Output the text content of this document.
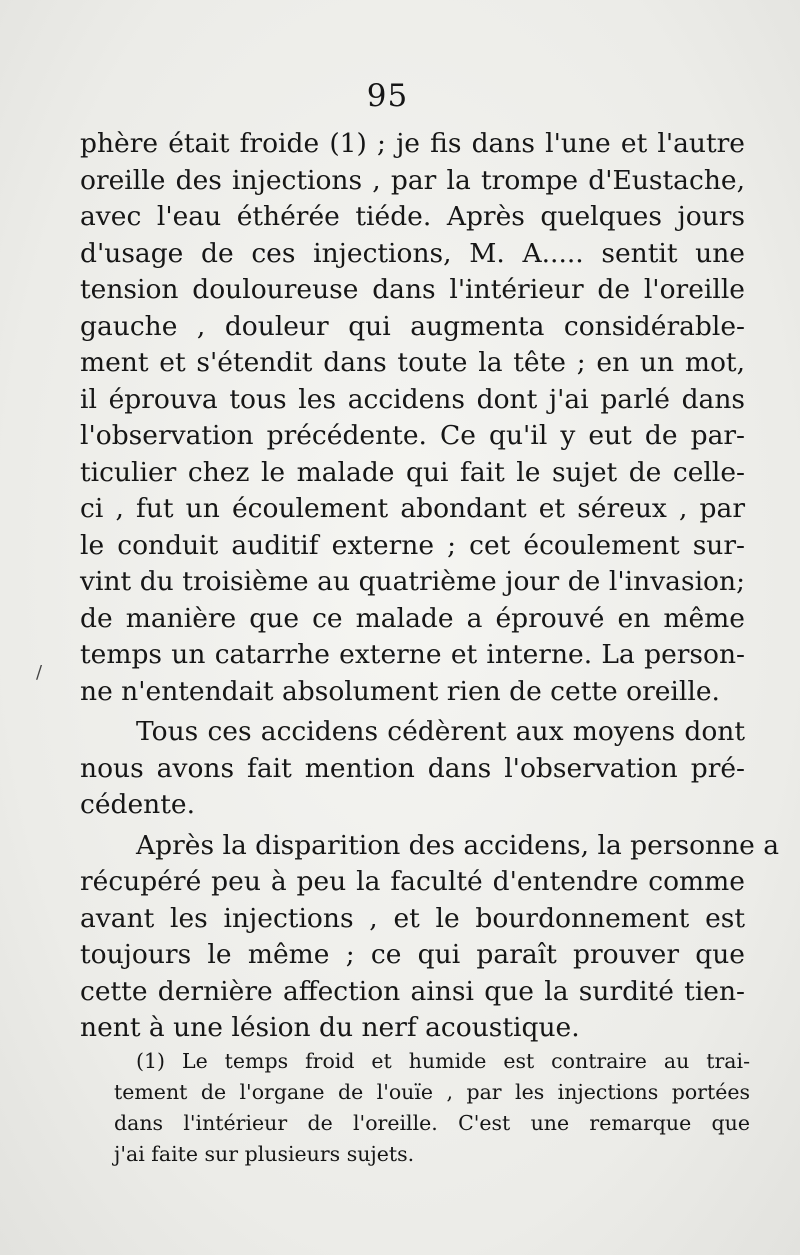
95
/
phère était froide (1) ; je fis dans l'une et l'autre
oreille des injections , par la trompe d'Eustache,
avec l'eau éthérée tiéde. Après quelques jours
d'usage de ces injections, M. A..... sentit une
tension douloureuse dans l'intérieur de l'oreille
gauche , douleur qui augmenta considérable-
ment et s'étendit dans toute la tête ; en un mot,
il éprouva tous les accidens dont j'ai parlé dans
l'observation précédente. Ce qu'il y eut de par-
ticulier chez le malade qui fait le sujet de celle-
ci , fut un écoulement abondant et séreux , par
le conduit auditif externe ; cet écoulement sur-
vint du troisième au quatrième jour de l'invasion;
de manière que ce malade a éprouvé en même
temps un catarrhe externe et interne. La person-
ne n'entendait absolument rien de cette oreille.
Tous ces accidens cédèrent aux moyens dont
nous avons fait mention dans l'observation pré-
cédente.
Après la disparition des accidens, la personne a
récupéré peu à peu la faculté d'entendre comme
avant les injections , et le bourdonnement est
toujours le même ; ce qui paraît prouver que
cette dernière affection ainsi que la surdité tien-
nent à une lésion du nerf acoustique.
(1) Le temps froid et humide est contraire au trai-
tement de l'organe de l'ouïe , par les injections portées
dans l'intérieur de l'oreille. C'est une remarque que
j'ai faite sur plusieurs sujets.
